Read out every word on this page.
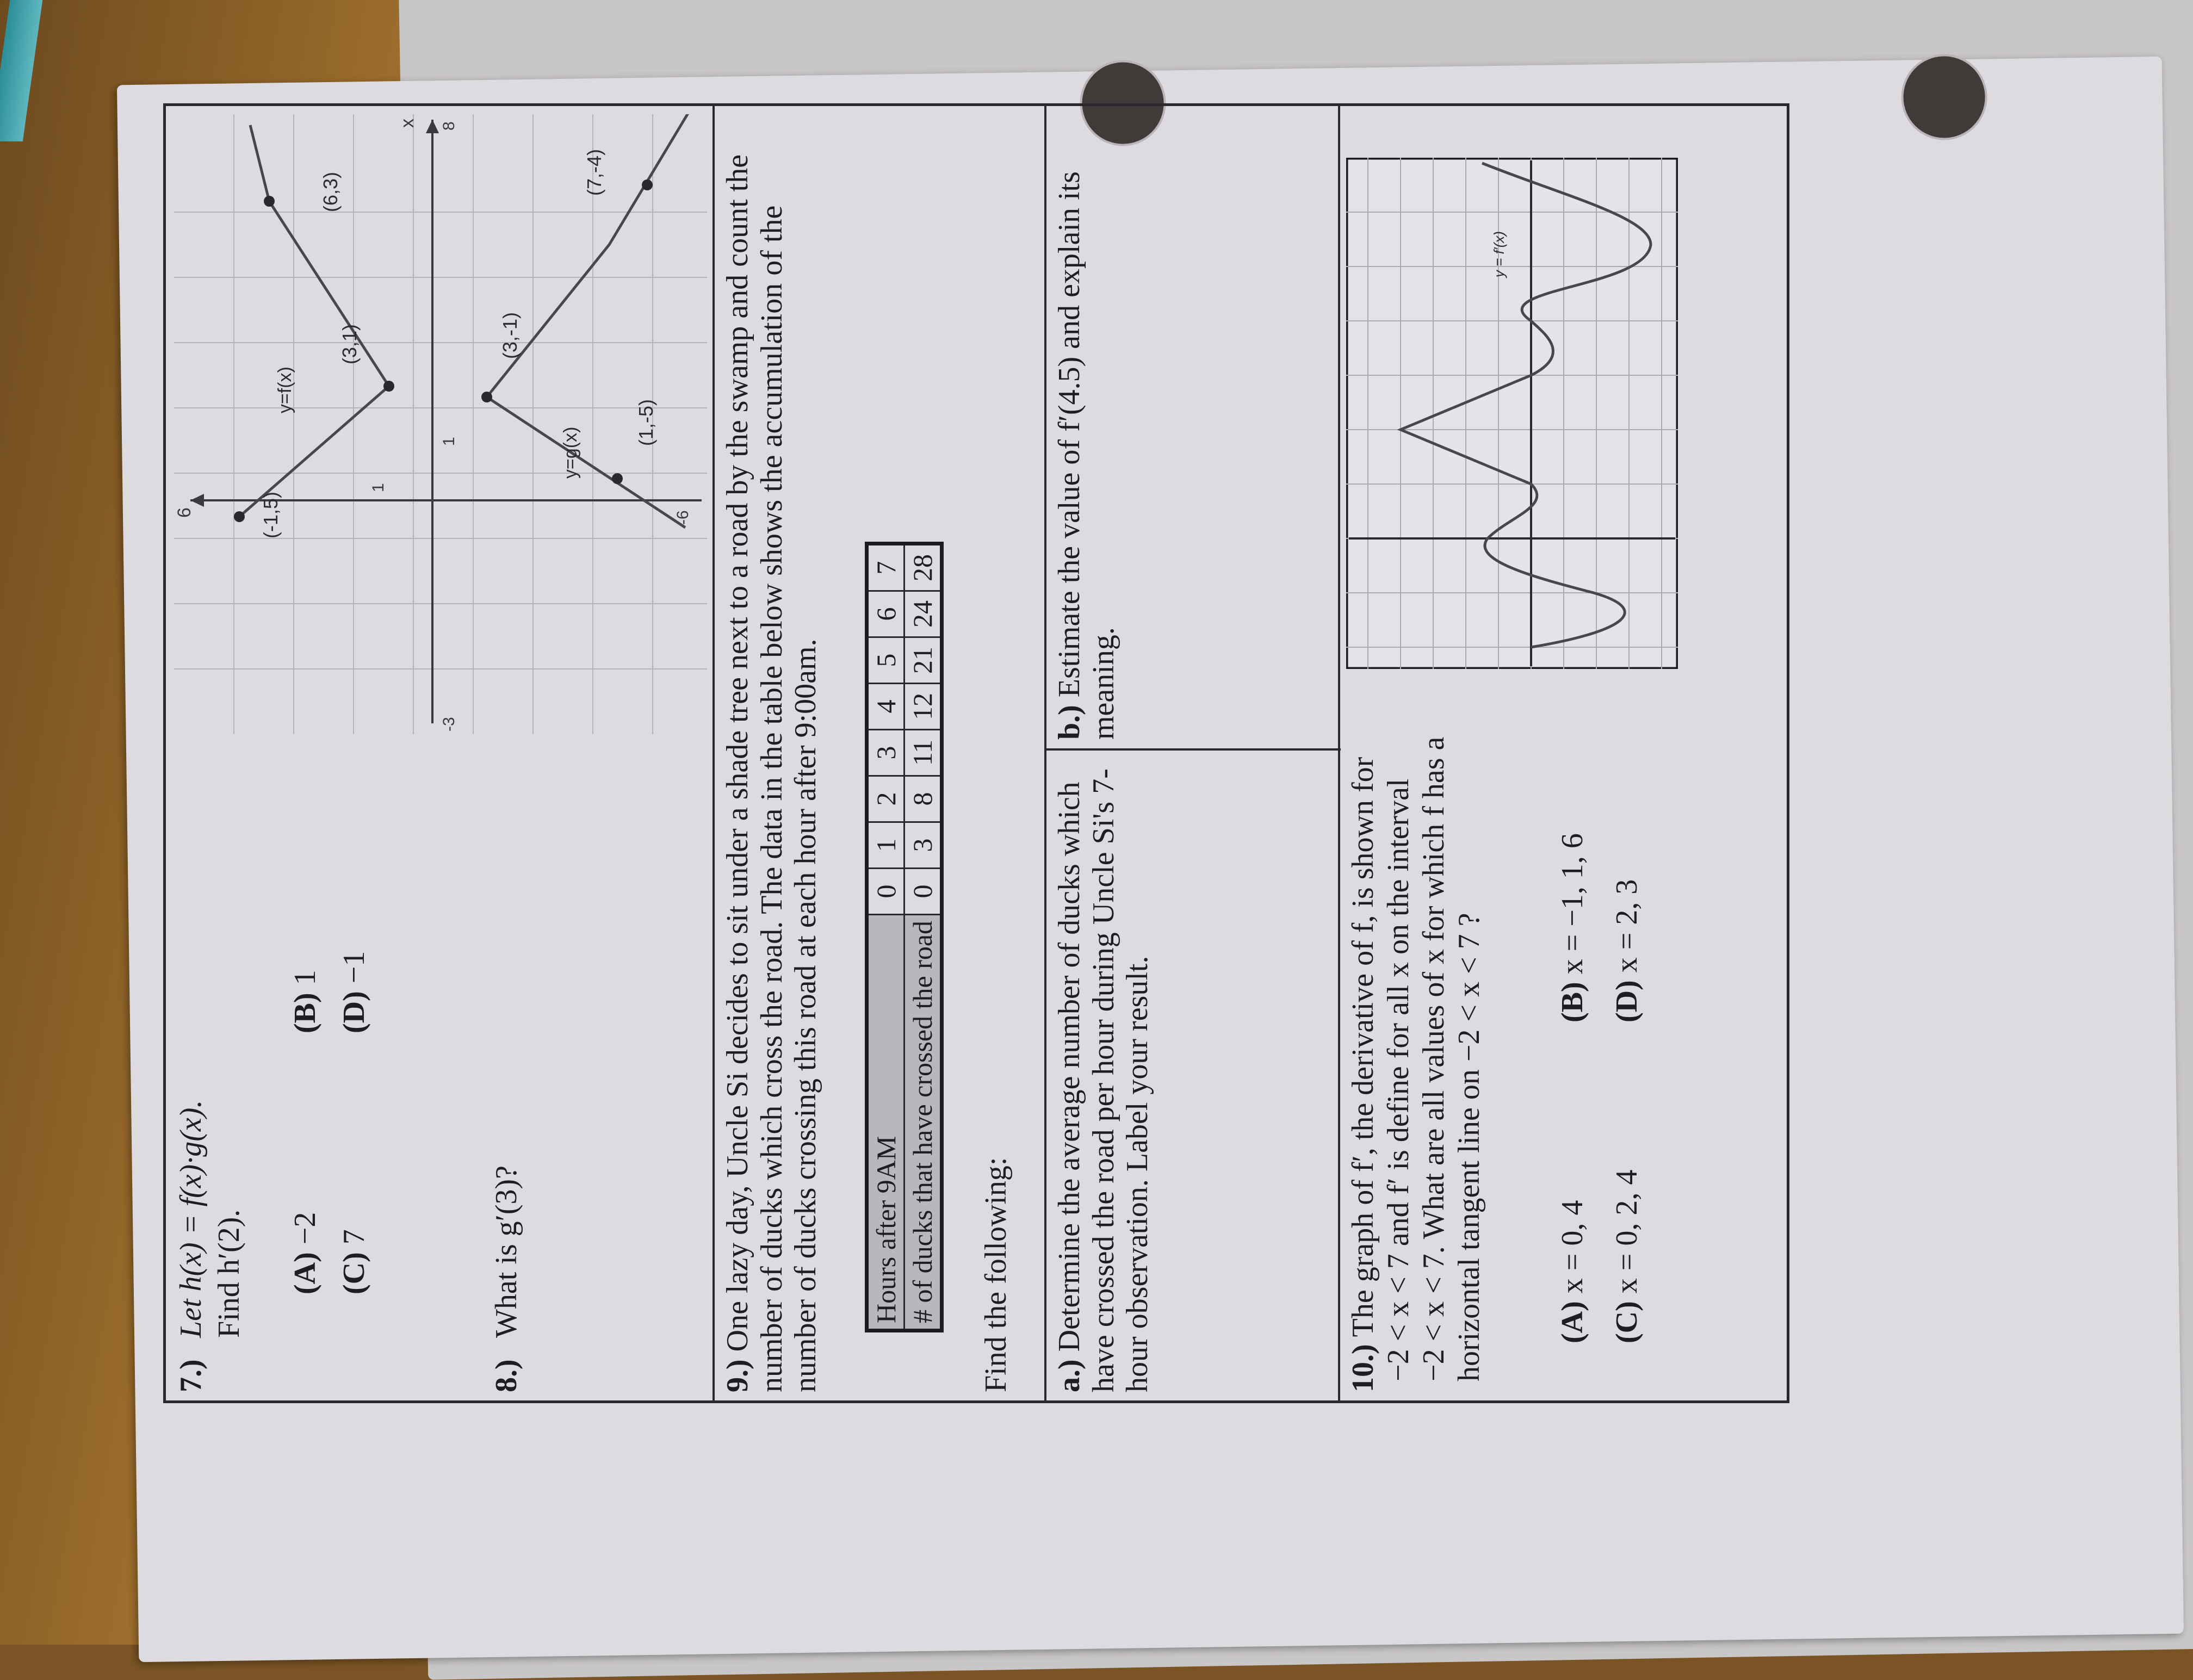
7.)
Let h(x) = f(x)·g(x). Find h′(2). (A) −2
(B) 1
(C) 7
(D) −1
8.)
What is g′(3)?
6
x
-3
1
1
-6
8
y=f(x)
y=g(x)
(-1,5)
(3,1)
(6,3)
(1,-5)
(3,-1)
(7,-4)
9.) One lazy day, Uncle Si decides to sit under a shade tree next to a road by the swamp and count the number of ducks which cross the road. The data in the table below shows the accumulation of the number of ducks crossing this road at each hour after 9:00am. Hours after 9AM	0	1	2	3	4	5	6	7
# of ducks that have crossed the road	0	3	8	11	12	21	24	28
Find the following: a.) Determine the average number of ducks which have crossed the road per hour during Uncle Si's 7-hour observation. Label your result.
b.) Estimate the value of f′(4.5) and explain its meaning.
10.) The graph of f′, the derivative of f, is shown for −2 < x < 7 and f′ is define for all x on the interval −2 < x < 7. What are all values of x for which f has a horizontal tangent line on −2 < x < 7 ? (A) x = 0, 4
(B) x = −1, 1, 6
(C) x = 0, 2, 4
(D) x = 2, 3
y = f′(x)
